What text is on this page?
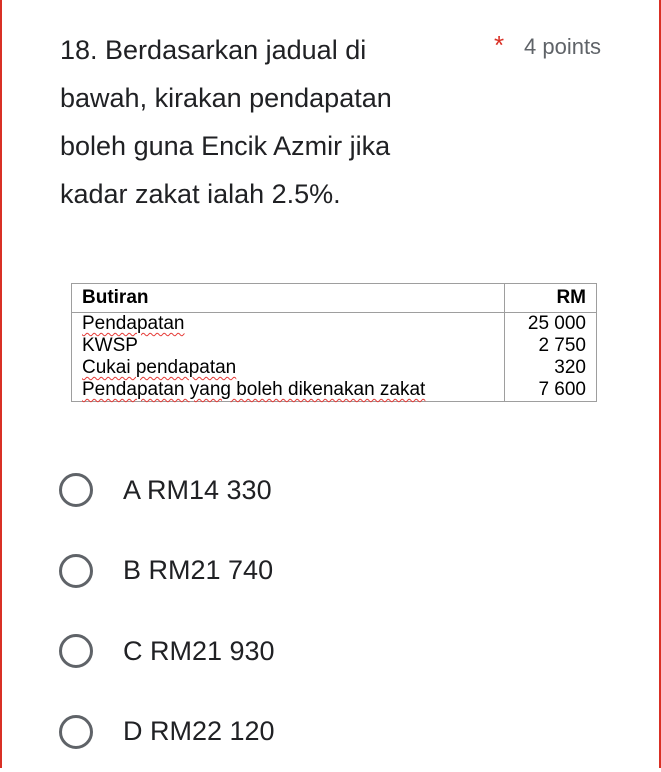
18. Berdasarkan jadual di bawah, kirakan pendapatan boleh guna Encik Azmir jika kadar zakat ialah 2.5%.
* 4 points
Butiran	RM
Pendapatan	25 000
KWSP	2 750
Cukai pendapatan	320
Pendapatan yang boleh dikenakan zakat	7 600
A RM14 330
B RM21 740
C RM21 930
D RM22 120
